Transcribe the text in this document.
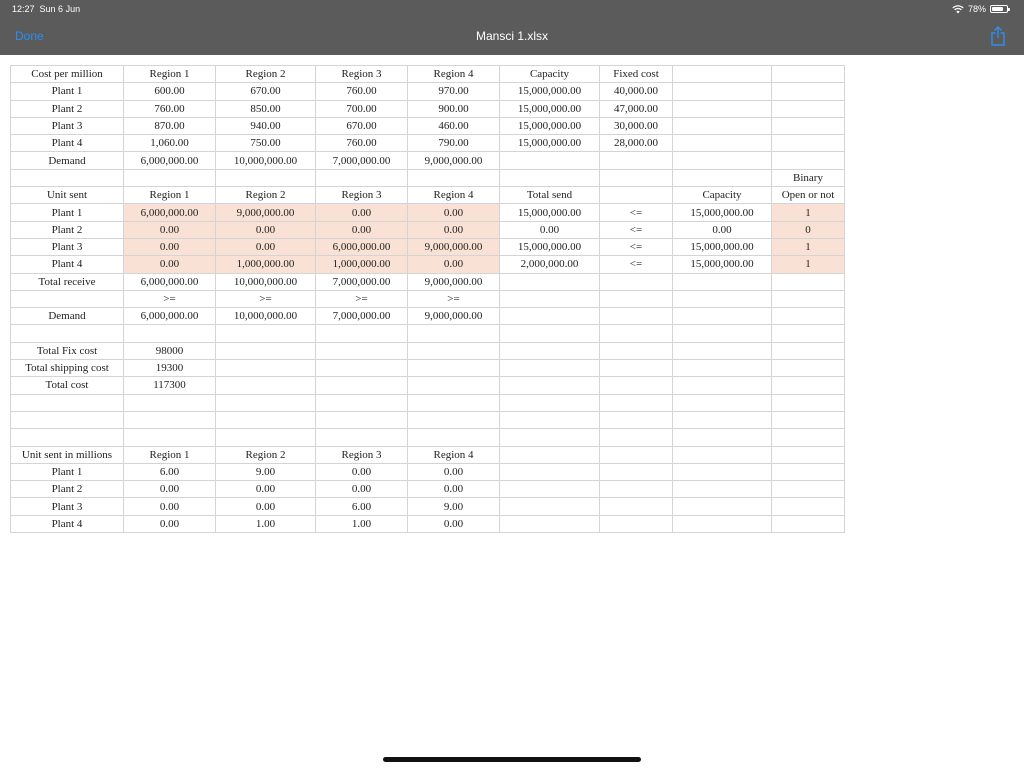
12:27 Sun 6 Jun	78%
Done	Mansci 1.xlsx
Cost per million	Region 1	Region 2	Region 3	Region 4	Capacity	Fixed cost		
Plant 1	600.00	670.00	760.00	970.00	15,000,000.00	40,000.00		
Plant 2	760.00	850.00	700.00	900.00	15,000,000.00	47,000.00		
Plant 3	870.00	940.00	670.00	460.00	15,000,000.00	30,000.00		
Plant 4	1,060.00	750.00	760.00	790.00	15,000,000.00	28,000.00		
Demand	6,000,000.00	10,000,000.00	7,000,000.00	9,000,000.00				
								Binary
Unit sent	Region 1	Region 2	Region 3	Region 4	Total send		Capacity	Open or not
Plant 1	6,000,000.00	9,000,000.00	0.00	0.00	15,000,000.00	<=	15,000,000.00	1
Plant 2	0.00	0.00	0.00	0.00	0.00	<=	0.00	0
Plant 3	0.00	0.00	6,000,000.00	9,000,000.00	15,000,000.00	<=	15,000,000.00	1
Plant 4	0.00	1,000,000.00	1,000,000.00	0.00	2,000,000.00	<=	15,000,000.00	1
Total receive	6,000,000.00	10,000,000.00	7,000,000.00	9,000,000.00				
	>=	>=	>=	>=				
Demand	6,000,000.00	10,000,000.00	7,000,000.00	9,000,000.00				

Total Fix cost	98000							
Total shipping cost	19300							
Total cost	117300							

Unit sent in millions	Region 1	Region 2	Region 3	Region 4				
Plant 1	6.00	9.00	0.00	0.00				
Plant 2	0.00	0.00	0.00	0.00				
Plant 3	0.00	0.00	6.00	9.00				
Plant 4	0.00	1.00	1.00	0.00				
